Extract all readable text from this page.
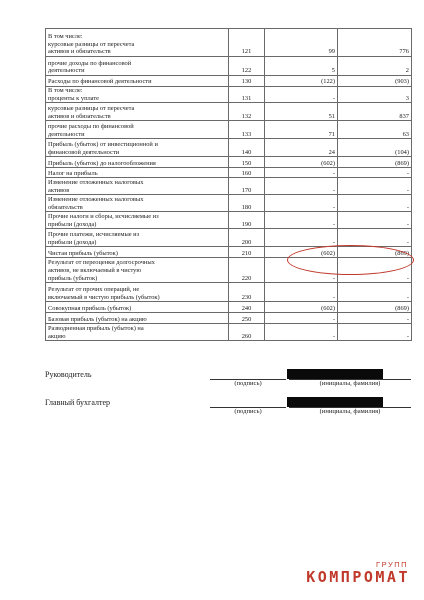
В том числе:
курсовые разницы от пересчета
активов и обязательств	121	99	776
прочие доходы по финансовой
деятельности	122	5	2
Расходы по финансовой деятельности	130	(122)	(903)
В том числе:
проценты к уплате	131	-	3
курсовые разницы от пересчета
активов и обязательств	132	51	837
прочие расходы по финансовой
деятельности	133	71	63
Прибыль (убыток) от инвестиционной и
финансовой деятельности	140	24	(104)
Прибыль (убыток) до налогообложения	150	(602)	(869)
Налог на прибыль	160	-	-
Изменение отложенных налоговых
активов	170	-	-
Изменение отложенных налоговых
обязательств	180	-	-
Прочие налоги и сборы, исчисляемые из
прибыли (дохода)	190	-	-
Прочие платежи, исчисляемые из
прибыли (дохода)	200	-	-
Чистая прибыль (убыток)	210	(602)	(869)
Результат от переоценки долгосрочных
активов, не включаемый в чистую
прибыль (убыток)	220	-	-
Результат от прочих операций, не
включаемый в чистую прибыль (убыток)	230	-	-
Совокупная прибыль (убыток)	240	(602)	(869)
Базовая прибыль (убыток) на акцию	250	-	-
Разводненная прибыль (убыток) на
акцию	260	-	-
Руководитель
(подпись)	(инициалы, фамилия)
Главный бухгалтер
(подпись)	(инициалы, фамилия)
ГРУПП
КОМПРОМАТ
